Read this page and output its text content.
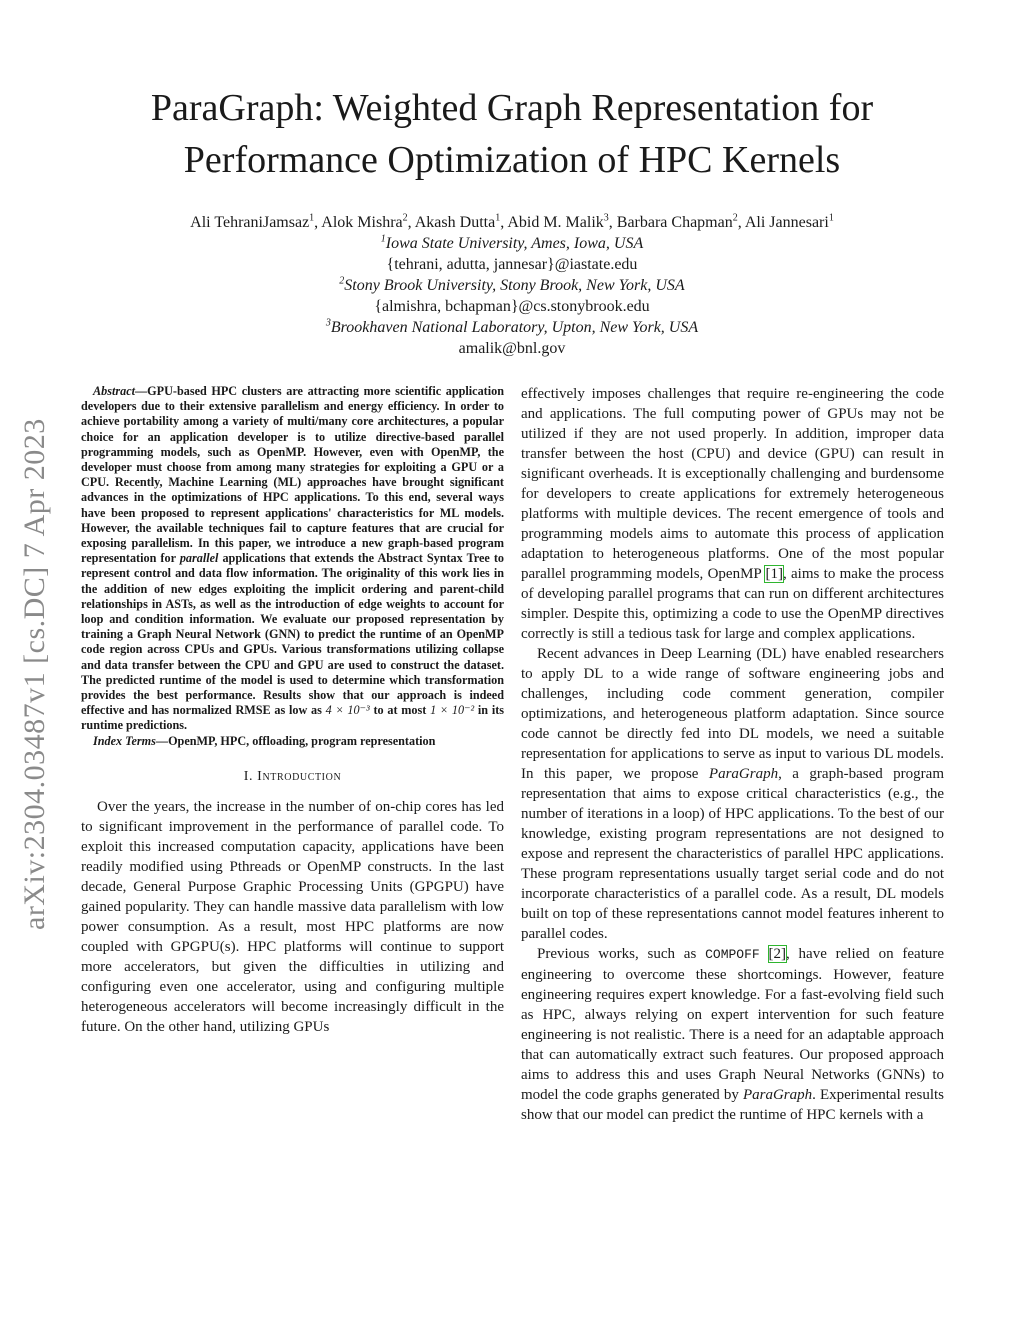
arXiv:2304.03487v1 [cs.DC] 7 Apr 2023
ParaGraph: Weighted Graph Representation for
Performance Optimization of HPC Kernels
Ali TehraniJamsaz$^1$, Alok Mishra$^2$, Akash Dutta$^1$, Abid M. Malik$^3$, Barbara Chapman$^2$, Ali Jannesari$^1$
$^1$Iowa State University, Ames, Iowa, USA
{tehrani, adutta, jannesar}@iastate.edu
$^2$Stony Brook University, Stony Brook, New York, USA
{almishra, bchapman}@cs.stonybrook.edu
$^3$Brookhaven National Laboratory, Upton, New York, USA
amalik@bnl.gov

Abstract—GPU-based HPC clusters are attracting more scientific application developers due to their extensive parallelism and energy efficiency. In order to achieve portability among a variety of multi/many core architectures, a popular choice for an application developer is to utilize directive-based parallel programming models, such as OpenMP. However, even with OpenMP, the developer must choose from among many strategies for exploiting a GPU or a CPU. Recently, Machine Learning (ML) approaches have brought significant advances in the optimizations of HPC applications. To this end, several ways have been proposed to represent applications' characteristics for ML models. However, the available techniques fail to capture features that are crucial for exposing parallelism. In this paper, we introduce a new graph-based program representation for parallel applications that extends the Abstract Syntax Tree to represent control and data flow information. The originality of this work lies in the addition of new edges exploiting the implicit ordering and parent-child relationships in ASTs, as well as the introduction of edge weights to account for loop and condition information. We evaluate our proposed representation by training a Graph Neural Network (GNN) to predict the runtime of an OpenMP code region across CPUs and GPUs. Various transformations utilizing collapse and data transfer between the CPU and GPU are used to construct the dataset. The predicted runtime of the model is used to determine which transformation provides the best performance. Results show that our approach is indeed effective and has normalized RMSE as low as 4 × 10⁻³ to at most 1 × 10⁻² in its runtime predictions.

Index Terms—OpenMP, HPC, offloading, program representation

I. Introduction

Over the years, the increase in the number of on-chip cores has led to significant improvement in the performance of parallel code. To exploit this increased computation capacity, applications have been readily modified using Pthreads or OpenMP constructs. In the last decade, General Purpose Graphic Processing Units (GPGPU) have gained popularity. They can handle massive data parallelism with low power consumption. As a result, most HPC platforms are now coupled with GPGPU(s). HPC platforms will continue to support more accelerators, but given the difficulties in utilizing and configuring even one accelerator, using and configuring multiple heterogeneous accelerators will become increasingly difficult in the future. On the other hand, utilizing GPUs

effectively imposes challenges that require re-engineering the code and applications. The full computing power of GPUs may not be utilized if they are not used properly. In addition, improper data transfer between the host (CPU) and device (GPU) can result in significant overheads. It is exceptionally challenging and burdensome for developers to create applications for extremely heterogeneous platforms with multiple devices. The recent emergence of tools and programming models aims to automate this process of application adaptation to heterogeneous platforms. One of the most popular parallel programming models, OpenMP [1], aims to make the process of developing parallel programs that can run on different architectures simpler. Despite this, optimizing a code to use the OpenMP directives correctly is still a tedious task for large and complex applications.

Recent advances in Deep Learning (DL) have enabled researchers to apply DL to a wide range of software engineering jobs and challenges, including code comment generation, compiler optimizations, and heterogeneous platform adaptation. Since source code cannot be directly fed into DL models, we need a suitable representation for applications to serve as input to various DL models. In this paper, we propose ParaGraph, a graph-based program representation that aims to expose critical characteristics (e.g., the number of iterations in a loop) of HPC applications. To the best of our knowledge, existing program representations are not designed to expose and represent the characteristics of parallel HPC applications. These program representations usually target serial code and do not incorporate characteristics of a parallel code. As a result, DL models built on top of these representations cannot model features inherent to parallel codes.

Previous works, such as COMPOFF [2], have relied on feature engineering to overcome these shortcomings. However, feature engineering requires expert knowledge. For a fast-evolving field such as HPC, always relying on expert intervention for such feature engineering is not realistic. There is a need for an adaptable approach that can automatically extract such features. Our proposed approach aims to address this and uses Graph Neural Networks (GNNs) to model the code graphs generated by ParaGraph. Experimental results show that our model can predict the runtime of HPC kernels with a
